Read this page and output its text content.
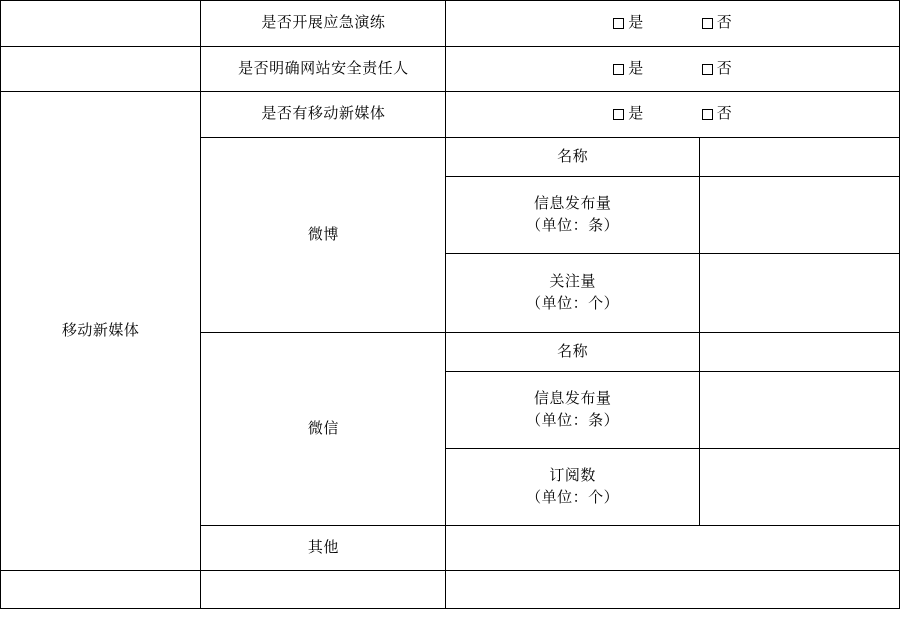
	是否开展应急演练	是 否	

	是否明确网站安全责任人	是 否	

移动新媒体	是否有移动新媒体	是 否	

	微博	名称	

		信息发布量
（单位：条）	

		关注量
（单位：个）	

	微信	名称	

		信息发布量
（单位：条）	

		订阅数
（单位：个）	

	其他		
